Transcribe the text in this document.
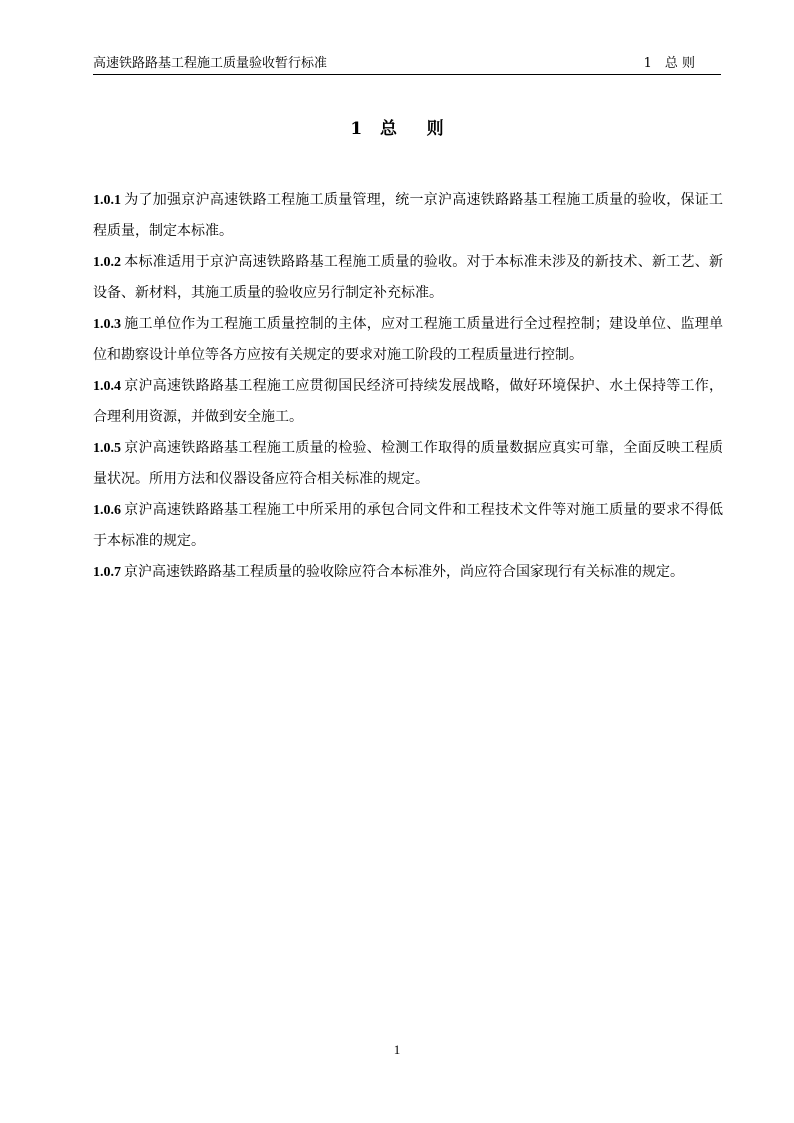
高速铁路路基工程施工质量验收暂行标准	1　总 则
1   总     则

1.0.1 为了加强京沪高速铁路工程施工质量管理，统一京沪高速铁路路基工程施工质量的验收，保证工程质量，制定本标准。

1.0.2 本标准适用于京沪高速铁路路基工程施工质量的验收。对于本标准未涉及的新技术、新工艺、新设备、新材料，其施工质量的验收应另行制定补充标准。

1.0.3 施工单位作为工程施工质量控制的主体，应对工程施工质量进行全过程控制；建设单位、监理单位和勘察设计单位等各方应按有关规定的要求对施工阶段的工程质量进行控制。

1.0.4 京沪高速铁路路基工程施工应贯彻国民经济可持续发展战略，做好环境保护、水土保持等工作，合理利用资源，并做到安全施工。

1.0.5 京沪高速铁路路基工程施工质量的检验、检测工作取得的质量数据应真实可靠，全面反映工程质量状况。所用方法和仪器设备应符合相关标准的规定。

1.0.6 京沪高速铁路路基工程施工中所采用的承包合同文件和工程技术文件等对施工质量的要求不得低于本标准的规定。

1.0.7 京沪高速铁路路基工程质量的验收除应符合本标准外，尚应符合国家现行有关标准的规定。

1
